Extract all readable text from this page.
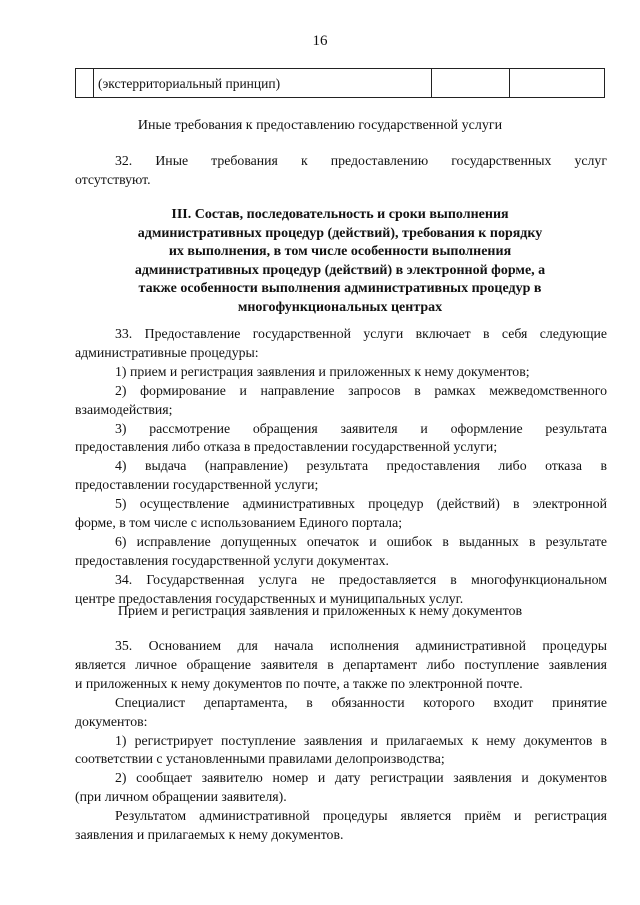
16
(экстерриториальный принцип)
Иные требования к предоставлению государственной услуги
32. Иные требования к предоставлению государственных услуг
отсутствуют.
III. Состав, последовательность и сроки выполнения
административных процедур (действий), требования к порядку
их выполнения, в том числе особенности выполнения
административных процедур (действий) в электронной форме, а
также особенности выполнения административных процедур в
многофункциональных центрах
33. Предоставление государственной услуги включает в себя следующие
административные процедуры:
1) прием и регистрация заявления и приложенных к нему документов;
2) формирование и направление запросов в рамках межведомственного
взаимодействия;
3) рассмотрение обращения заявителя и оформление результата
предоставления либо отказа в предоставлении государственной услуги;
4) выдача (направление) результата предоставления либо отказа в
предоставлении государственной услуги;
5) осуществление административных процедур (действий) в электронной
форме, в том числе с использованием Единого портала;
6) исправление допущенных опечаток и ошибок в выданных в результате
предоставления государственной услуги документах.
34. Государственная услуга не предоставляется в многофункциональном
центре предоставления государственных и муниципальных услуг.
Прием и регистрация заявления и приложенных к нему документов
35. Основанием для начала исполнения административной процедуры
является личное обращение заявителя в департамент либо поступление заявления
и приложенных к нему документов по почте, а также по электронной почте.
Специалист департамента, в обязанности которого входит принятие
документов:
1) регистрирует поступление заявления и прилагаемых к нему документов в
соответствии с установленными правилами делопроизводства;
2) сообщает заявителю номер и дату регистрации заявления и документов
(при личном обращении заявителя).
Результатом административной процедуры является приём и регистрация
заявления и прилагаемых к нему документов.
